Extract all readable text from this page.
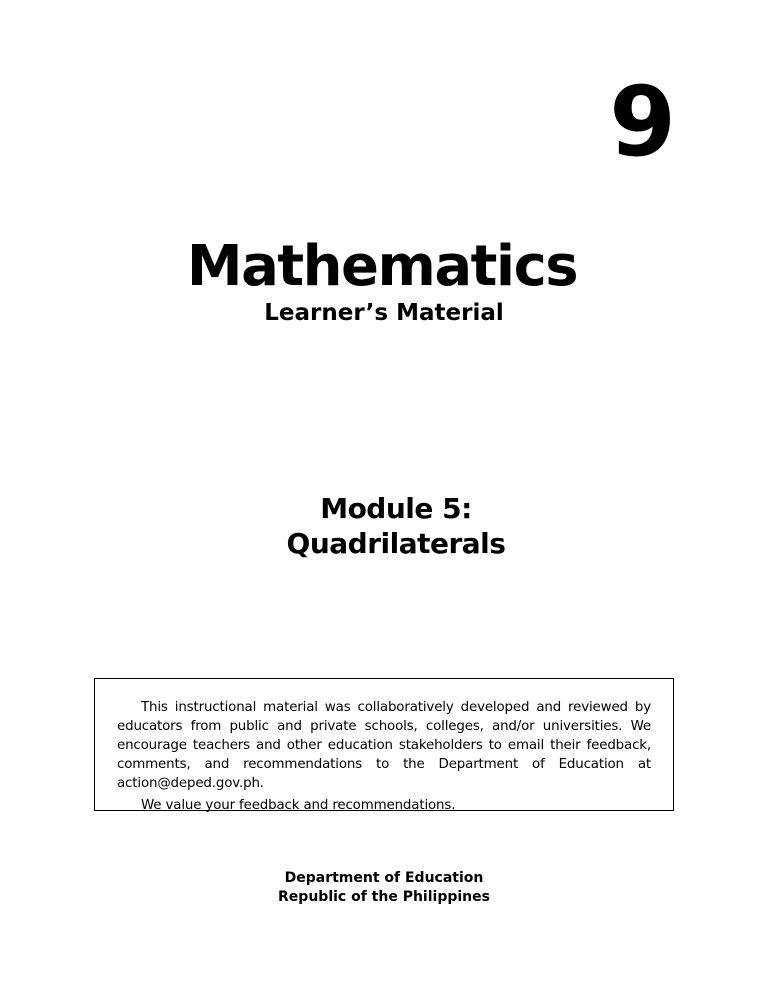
9
Mathematics
Learner’s Material
Module 5:
Quadrilaterals

This instructional material was collaboratively developed and reviewed by educators from public and private schools, colleges, and/or universities. We encourage teachers and other education stakeholders to email their feedback, comments, and recommendations to the Department of Education at action@deped.gov.ph.

We value your feedback and recommendations.

Department of Education
Republic of the Philippines
